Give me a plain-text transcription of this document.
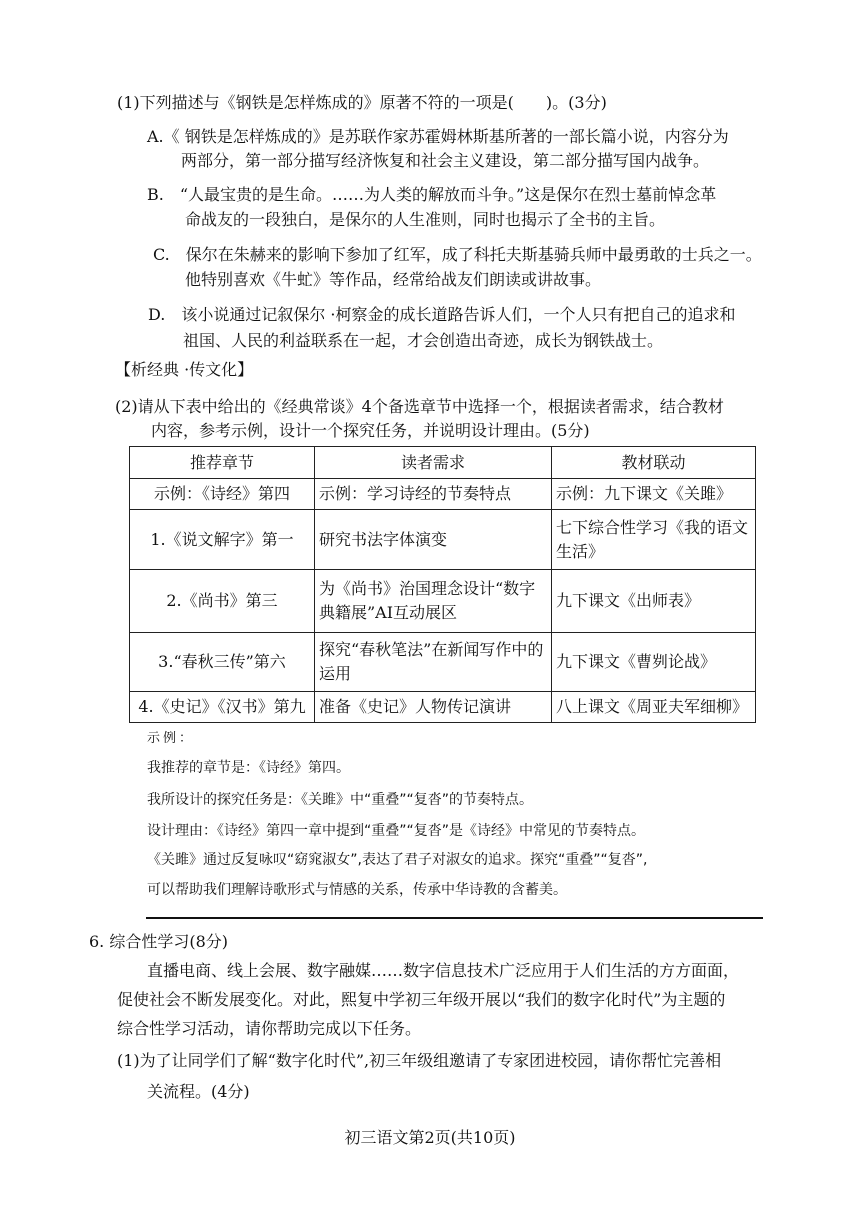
(1)下列描述与《钢铁是怎样炼成的》原著不符的一项是(　　)。(3分)
A.《 钢铁是怎样炼成的》是苏联作家苏霍姆林斯基所著的一部长篇小说，内容分为
两部分，第一部分描写经济恢复和社会主义建设，第二部分描写国内战争。
B.　“人最宝贵的是生命。……为人类的解放而斗争。”这是保尔在烈士墓前悼念革
命战友的一段独白，是保尔的人生准则，同时也揭示了全书的主旨。
C.　保尔在朱赫来的影响下参加了红军，成了科托夫斯基骑兵师中最勇敢的士兵之一。
他特别喜欢《牛虻》等作品，经常给战友们朗读或讲故事。
D.　该小说通过记叙保尔 ·柯察金的成长道路告诉人们，一个人只有把自己的追求和
祖国、人民的利益联系在一起，才会创造出奇迹，成长为钢铁战士。
【析经典 ·传文化】
(2)请从下表中给出的《经典常谈》4个备选章节中选择一个，根据读者需求，结合教材
内容，参考示例，设计一个探究任务，并说明设计理由。(5分)
推荐章节	读者需求	教材联动
示例：《诗经》第四	示例：学习诗经的节奏特点	示例：九下课文《关雎》
1.《说文解字》第一	研究书法字体演变	七下综合性学习《我的语文生活》
2.《尚书》第三	为《尚书》治国理念设计“数字典籍展”AI互动展区	九下课文《出师表》
3.“春秋三传”第六	探究“春秋笔法”在新闻写作中的运用	九下课文《曹刿论战》
4.《史记》《汉书》第九	准备《史记》人物传记演讲	八上课文《周亚夫军细柳》
示例：
我推荐的章节是：《诗经》第四。
我所设计的探究任务是：《关雎》中“重叠”“复沓”的节奏特点。
设计理由：《诗经》第四一章中提到“重叠”“复沓”是《诗经》中常见的节奏特点。
《关雎》通过反复咏叹“窈窕淑女”,表达了君子对淑女的追求。探究“重叠”“复沓”,
可以帮助我们理解诗歌形式与情感的关系，传承中华诗教的含蓄美。
6. 综合性学习(8分)
直播电商、线上会展、数字融媒……数字信息技术广泛应用于人们生活的方方面面，
促使社会不断发展变化。对此，熙复中学初三年级开展以“我们的数字化时代”为主题的
综合性学习活动，请你帮助完成以下任务。
(1)为了让同学们了解“数字化时代”,初三年级组邀请了专家团进校园，请你帮忙完善相
关流程。(4分)
初三语文第2页(共10页)
